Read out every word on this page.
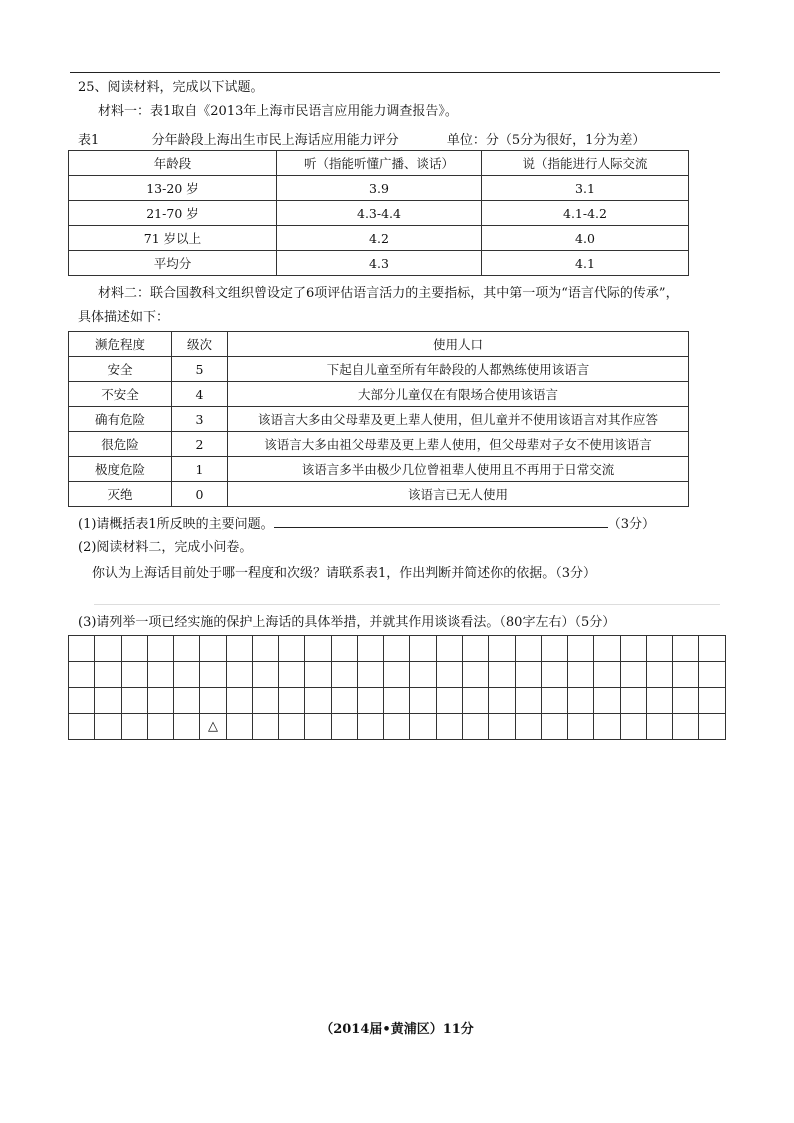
25、阅读材料，完成以下试题。
材料一：表1取自《2013年上海市民语言应用能力调查报告》。
表1	分年龄段上海出生市民上海话应用能力评分	单位：分（5分为很好，1分为差）
年龄段	听（指能听懂广播、谈话）	说（指能进行人际交流
13-20 岁	3.9	3.1
21-70 岁	4.3-4.4	4.1-4.2
71 岁以上	4.2	4.0
平均分	4.3	4.1
材料二：联合国教科文组织曾设定了6项评估语言活力的主要指标，其中第一项为“语言代际的传承”，
具体描述如下：
濒危程度	级次	使用人口
安全	5	下起自儿童至所有年龄段的人都熟练使用该语言
不安全	4	大部分儿童仅在有限场合使用该语言
确有危险	3	该语言大多由父母辈及更上辈人使用，但儿童并不使用该语言对其作应答
很危险	2	该语言大多由祖父母辈及更上辈人使用，但父母辈对子女不使用该语言
极度危险	1	该语言多半由极少几位曾祖辈人使用且不再用于日常交流
灭绝	0	该语言已无人使用
(1)请概括表1所反映的主要问题。	（3分）
(2)阅读材料二，完成小问卷。
你认为上海话目前处于哪一程度和次级？请联系表1，作出判断并简述你的依据。（3分）
(3)请列举一项已经实施的保护上海话的具体举措，并就其作用谈谈看法。（80字左右）（5分）

					△																			
（2014届•黄浦区）11分
